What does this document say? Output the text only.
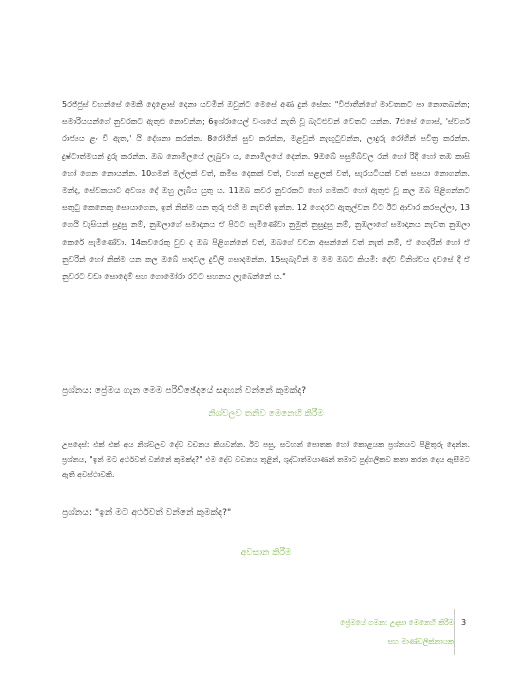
5රජ්ජුස් වහන්සේ මෙකී දොළොස් දෙනා යවමින් ඔවුන්ට මෙසේ අණ දුන් සේක: "විජාතීන්ගේ මාවතකට පා නොතබන්න; සමාරියයන්ගේ නුවරකට ඇතුළු නොවන්න; 6ඉශ්රායෙල් වංශයේ නැති වූ බැටළුවන් වෙතට යන්න. 7එසේ ගොස්, 'ස්වර්ග රාජ්‍යය ළං වී ඇත,' යි දේශනා කරන්න. 8රෝගීන් සුව කරන්න, මළවුන් නැඟුටුවන්න, ලාදුරු රෝගීන් පවිත්‍ර කරන්න. දුෂ්ටාත්මයන් දුරු කරන්න. ඔබ නොමිලයේ ලැබුවා ය, නොමිලයේ දෙන්න. 9ඔබේ පසුම්බිවල රන් හෝ රිදී හෝ තඹ කාසි හෝ ගෙන නොයන්න. 10ගමන් මල්ලක් වත්, කමිස දෙකක් වත්, වහන් සළලක් වත්, සැරයටියක් වත් සපයා නොගන්න. මන්ද, සේවකයාට අවශ්‍ය දේ ඔහු ලැබිය යුතු ය. 11ඔබ කවර නුවරකට හෝ ගමකට හෝ ඇතුළු වූ කල ඔබ පිළිගන්නට සතුටු කෙනෙකු සොයාගෙන, ඉන් නික්ම යන තුරු එහි ම නැවතී ඉන්න. 12 ගෙදරට ඇතුල්වන විට ඊට ආචාර කරපල්ලා, 13 ගෙයි වැසියන් සුදුසු නම්, නුඹලාගේ සමාදානය ඒ පිටට පැමිණේවා නුමුත් නුසුදුසු නම්, නුඹලාගේ සමාදානය නැවත නුඹලා කෙරේ පැමිණේවා. 14කවරෙකු වුව ද ඔබ පිළිගන්නේ වත්, ඔබගේ වචන අසන්නේ වත් නැත් නම්, ඒ ගෙදරින් හෝ ඒ නුවරින් හෝ නික්ම යන කල ඔබේ පාදවල දුවිලි ගසාදමන්න. 15සැබැවින් ම මම ඔබට කියමි: දේව විනිශ්චය දවසේ දී ඒ නුවරට වඩා සොදොම් සහ ගොමෝරා රටට සහනය ලැබෙන්නේ ය."

ප්‍රශ්නය: ප්‍රේමය ගැන මෙම පරිච්ඡේදයේ සඳහන් වන්නේ කුමක්ද?

නිශ්චලව තනිව මෙනෙහි කිරීම

උපදෙස්: එක් එක් අය නිශ්චලව දේව වචනය කියවන්න. ඊට පසු, සටහන් පොතක හෝ කොළයක ප්‍රශ්නයට පිළිතුරු දෙන්න. ප්‍රශ්නය, "ඉන් මට අර්ථවත් වන්නේ කුමක්ද?" එම දේව වචනය තුළින්, ශුද්ධාත්මයාණන් තමාට පුද්ගලිකව කතා කරන දෙය ඇසීමට ඇති අවස්ථාවකි.

ප්‍රශ්නය: "ඉන් මට අර්ථවත් වන්නේ කුමක්ද?"

අවසාන කිරීම

ප්‍රේමයේ ගමන: උදාසා මෙනෙහි කිරීම

සහ මාණ්ඩලික්නායක

3
